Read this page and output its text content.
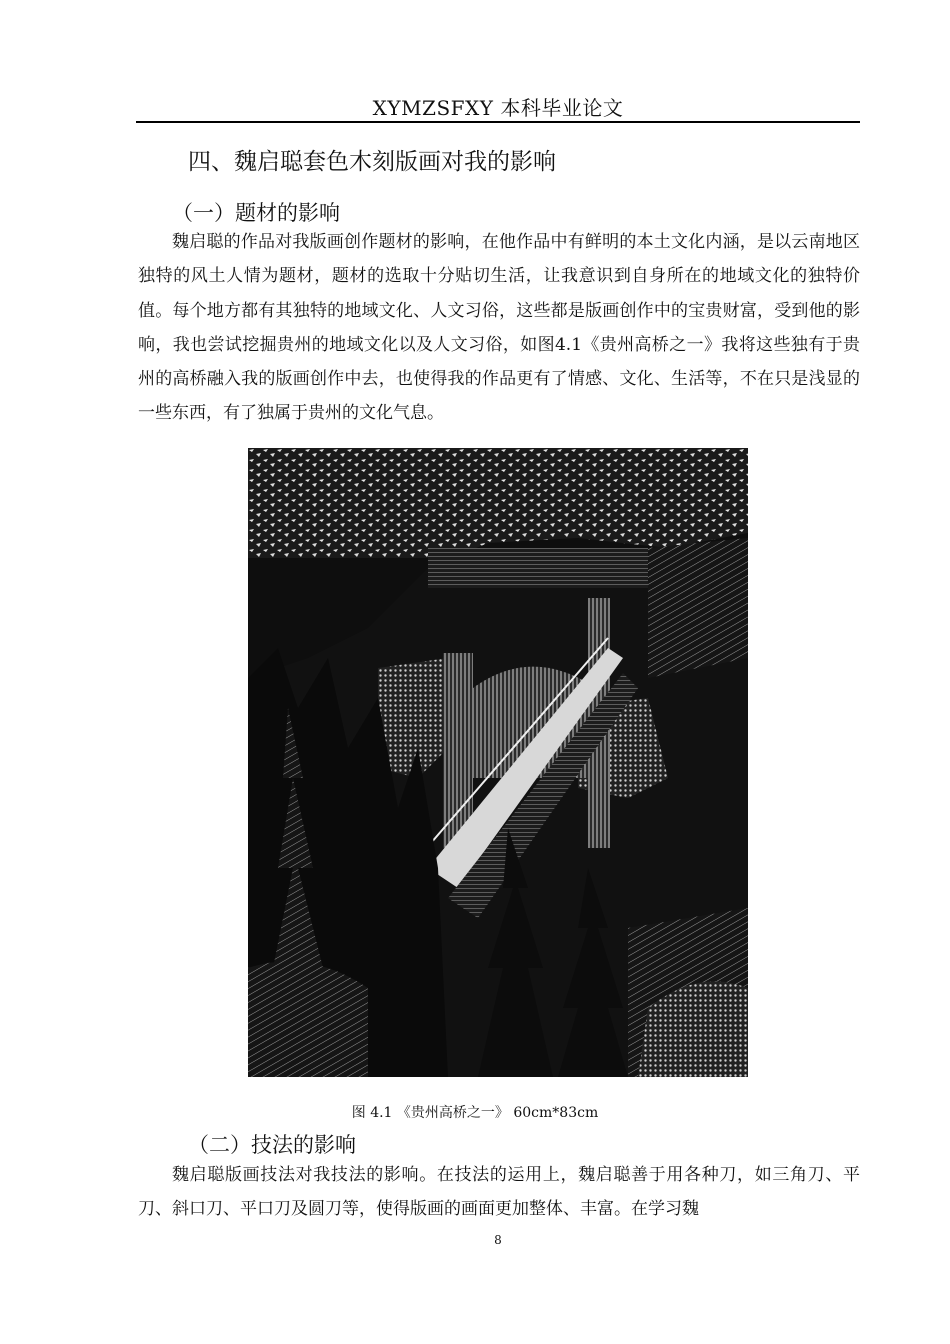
XYMZSFXY 本科毕业论文
四、魏启聪套色木刻版画对我的影响
（一）题材的影响

魏启聪的作品对我版画创作题材的影响，在他作品中有鲜明的本土文化内涵，是以云南地区独特的风土人情为题材，题材的选取十分贴切生活，让我意识到自身所在的地域文化的独特价值。每个地方都有其独特的地域文化、人文习俗，这些都是版画创作中的宝贵财富，受到他的影响，我也尝试挖掘贵州的地域文化以及人文习俗，如图4.1《贵州高桥之一》我将这些独有于贵州的高桥融入我的版画创作中去，也使得我的作品更有了情感、文化、生活等，不在只是浅显的一些东西，有了独属于贵州的文化气息。

图 4.1 《贵州高桥之一》 60cm*83cm
（二）技法的影响

魏启聪版画技法对我技法的影响。在技法的运用上，魏启聪善于用各种刀，如三角刀、平刀、斜口刀、平口刀及圆刀等，使得版画的画面更加整体、丰富。在学习魏

8
